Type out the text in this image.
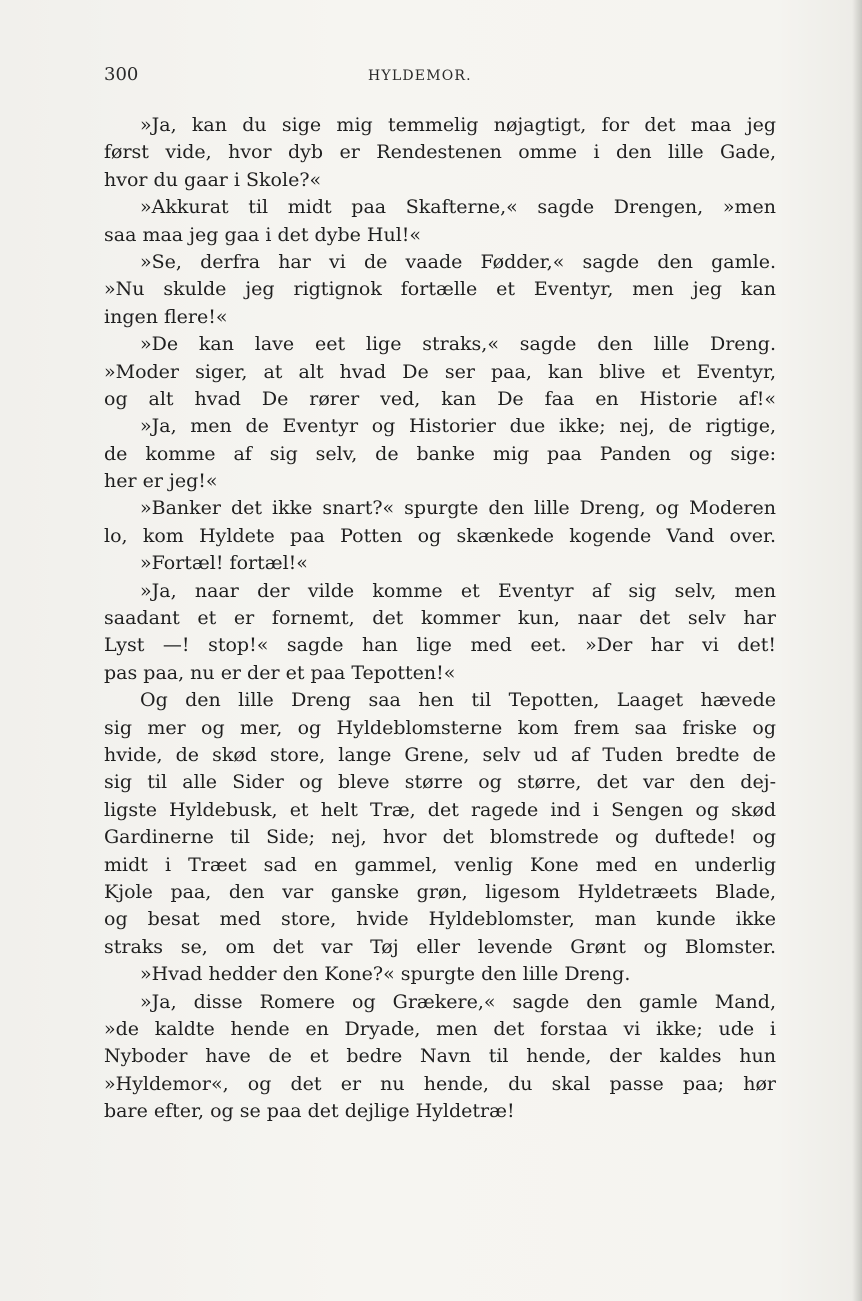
300	HYLDEMOR.
»Ja, kan du sige mig temmelig nøjagtigt, for det maa jeg
først vide, hvor dyb er Rendestenen omme i den lille Gade,
hvor du gaar i Skole?«
»Akkurat til midt paa Skafterne,« sagde Drengen, »men
saa maa jeg gaa i det dybe Hul!«
»Se, derfra har vi de vaade Fødder,« sagde den gamle.
»Nu skulde jeg rigtignok fortælle et Eventyr, men jeg kan
ingen flere!«
»De kan lave eet lige straks,« sagde den lille Dreng.
»Moder siger, at alt hvad De ser paa, kan blive et Eventyr,
og alt hvad De rører ved, kan De faa en Historie af!«
»Ja, men de Eventyr og Historier due ikke; nej, de rigtige,
de komme af sig selv, de banke mig paa Panden og sige:
her er jeg!«
»Banker det ikke snart?« spurgte den lille Dreng, og Moderen
lo, kom Hyldete paa Potten og skænkede kogende Vand over.
»Fortæl! fortæl!«
»Ja, naar der vilde komme et Eventyr af sig selv, men
saadant et er fornemt, det kommer kun, naar det selv har
Lyst —! stop!« sagde han lige med eet. »Der har vi det!
pas paa, nu er der et paa Tepotten!«
Og den lille Dreng saa hen til Tepotten, Laaget hævede
sig mer og mer, og Hyldeblomsterne kom frem saa friske og
hvide, de skød store, lange Grene, selv ud af Tuden bredte de
sig til alle Sider og bleve større og større, det var den dej-
ligste Hyldebusk, et helt Træ, det ragede ind i Sengen og skød
Gardinerne til Side; nej, hvor det blomstrede og duftede! og
midt i Træet sad en gammel, venlig Kone med en underlig
Kjole paa, den var ganske grøn, ligesom Hyldetræets Blade,
og besat med store, hvide Hyldeblomster, man kunde ikke
straks se, om det var Tøj eller levende Grønt og Blomster.
»Hvad hedder den Kone?« spurgte den lille Dreng.
»Ja, disse Romere og Grækere,« sagde den gamle Mand,
»de kaldte hende en Dryade, men det forstaa vi ikke; ude i
Nyboder have de et bedre Navn til hende, der kaldes hun
»Hyldemor«, og det er nu hende, du skal passe paa; hør
bare efter, og se paa det dejlige Hyldetræ!
